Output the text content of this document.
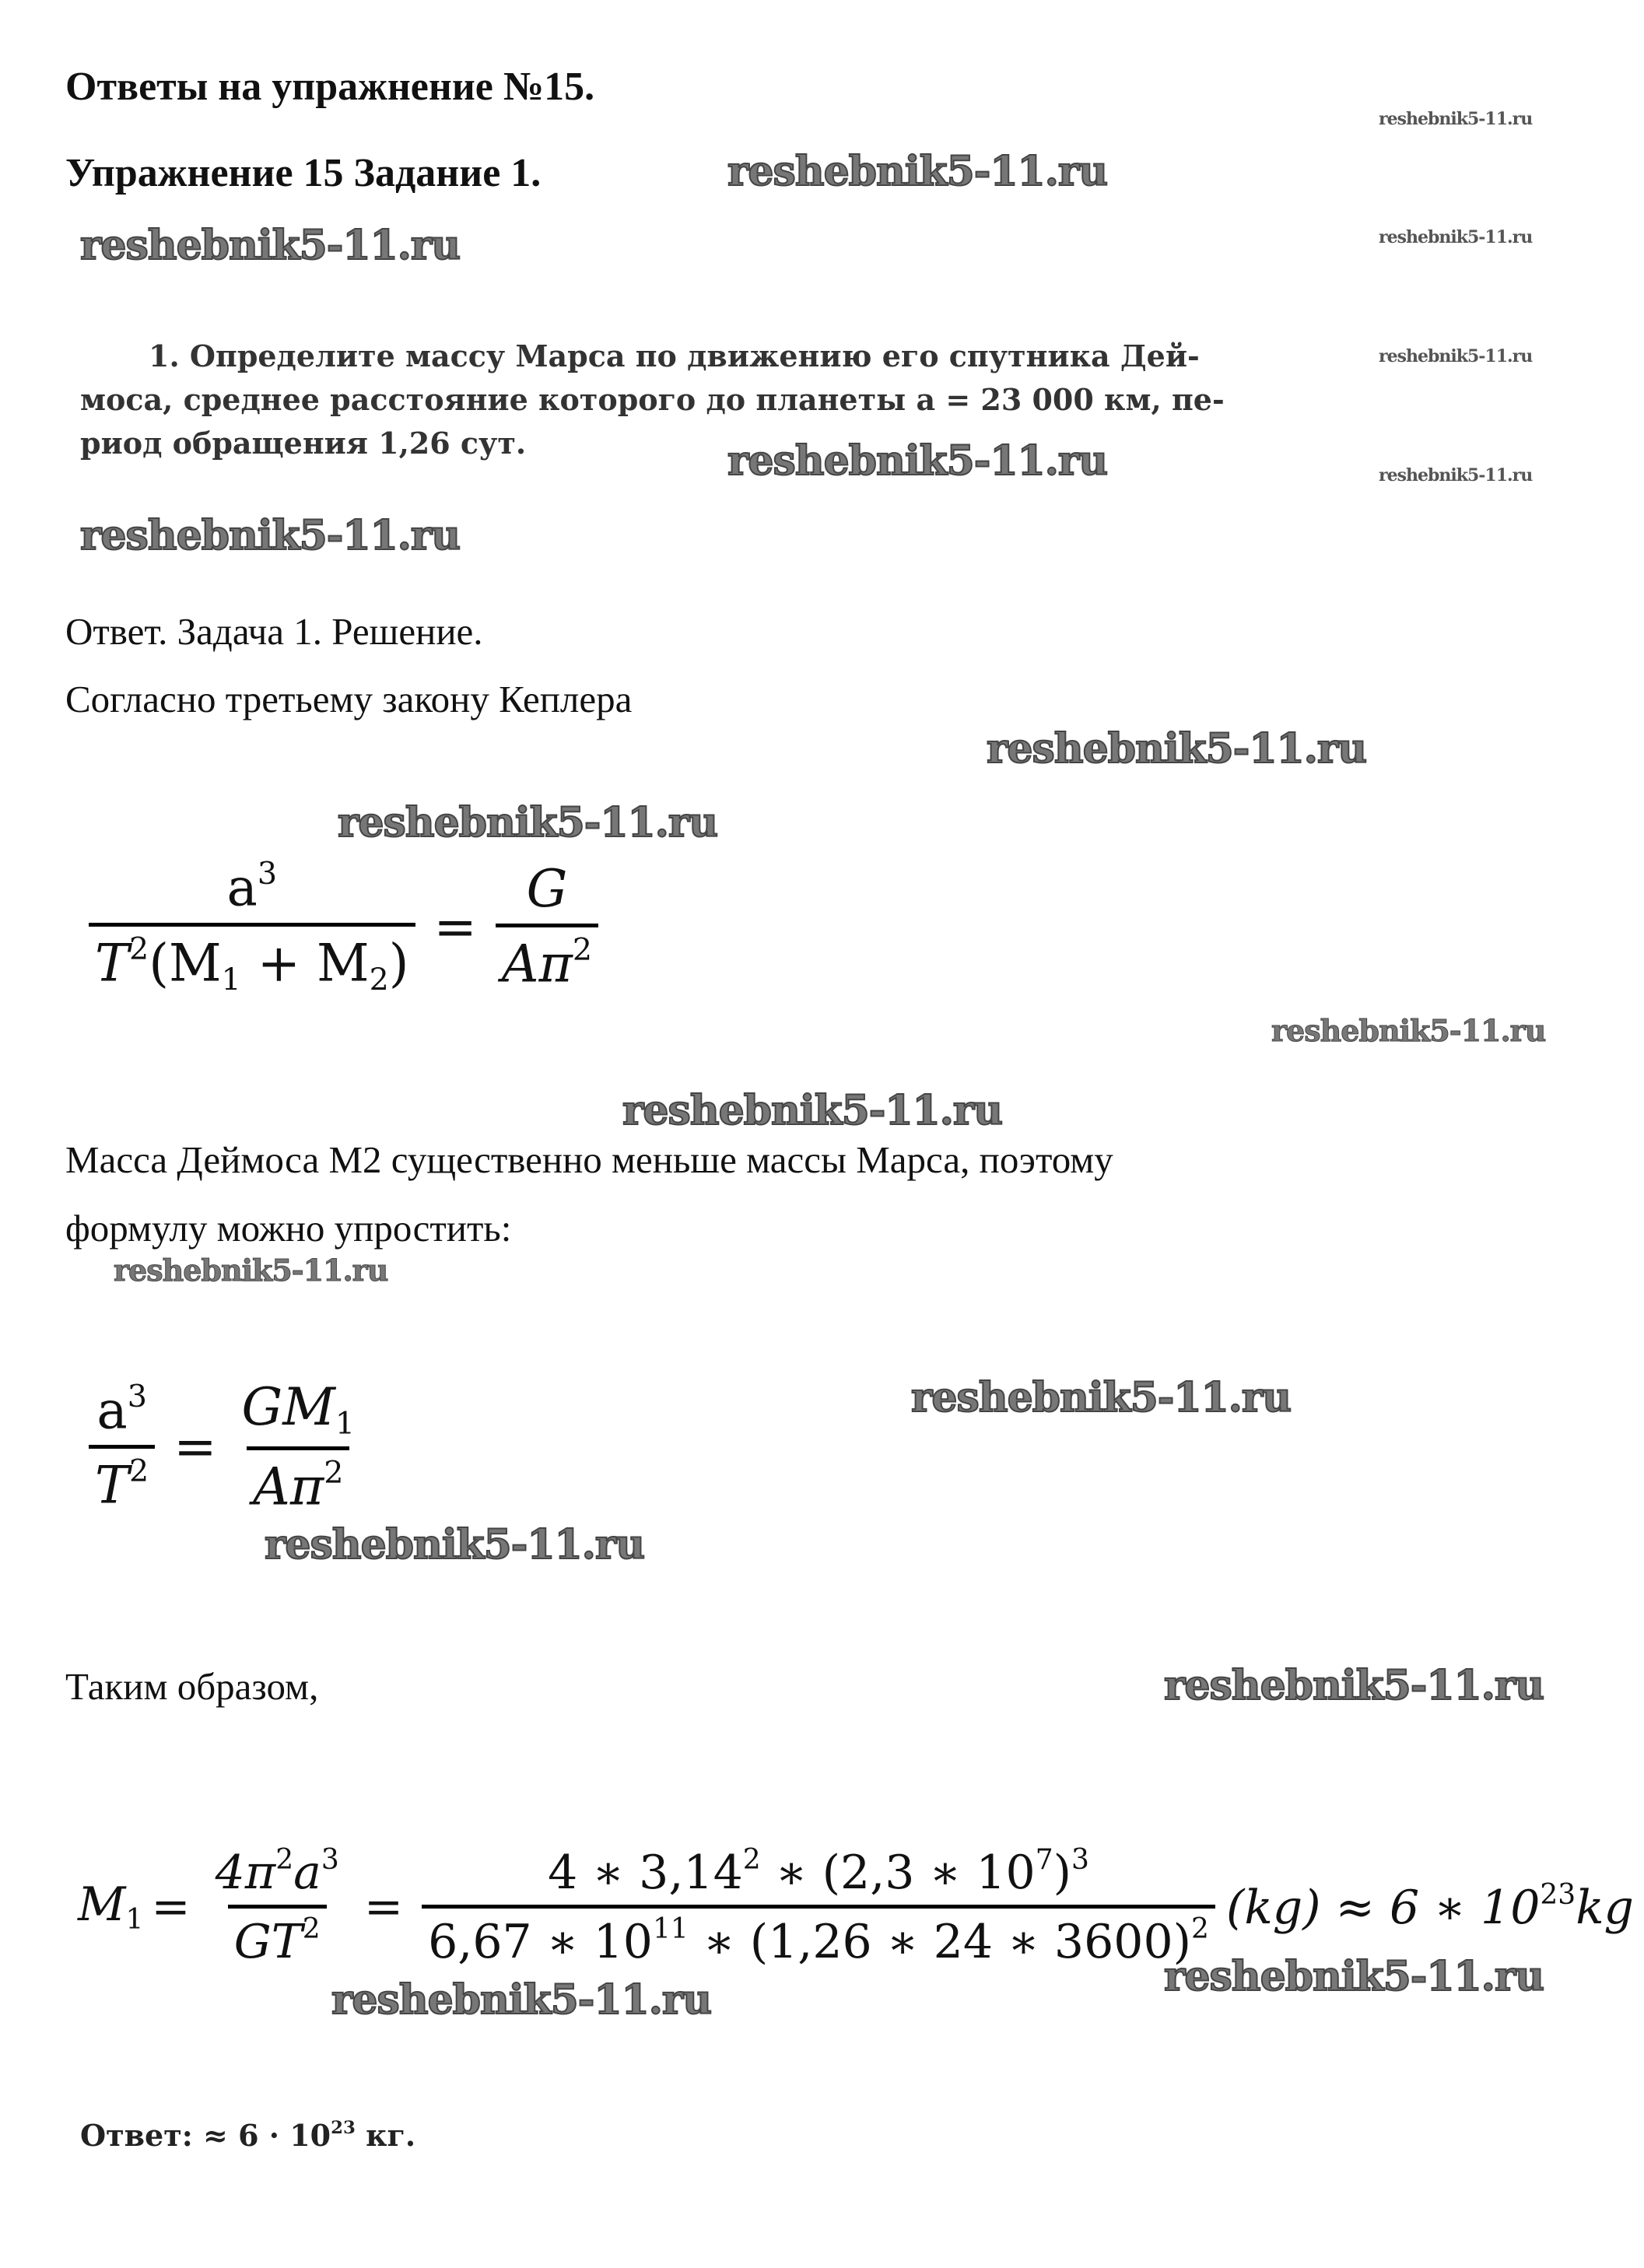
Ответы на упражнение №15.
Упражнение 15 Задание 1.
reshebnik5-11.ru
reshebnik5-11.ru
reshebnik5-11.ru
reshebnik5-11.ru
reshebnik5-11.ru
reshebnik5-11.ru
reshebnik5-11.ru
reshebnik5-11.ru
reshebnik5-11.ru
reshebnik5-11.ru
reshebnik5-11.ru
reshebnik5-11.ru
reshebnik5-11.ru
reshebnik5-11.ru
reshebnik5-11.ru
reshebnik5-11.ru
reshebnik5-11.ru
reshebnik5-11.ru
1. Определите массу Марса по движению его спутника Дей-
моса, среднее расстояние которого до планеты a = 23 000 км, пе-
риод обращения 1,26 сут.
Ответ. Задача 1. Решение.
Согласно третьему закону Кеплера
$\frac{a^3}{T^2(M_1 + M_2)} = \frac{G}{A\pi^2}$
Масса Деймоса М2 существенно меньше массы Марса, поэтому
формулу можно упростить:
$\frac{a^3}{T^2} = \frac{GM_1}{A\pi^2}$
Таким образом,
$M_1 = \frac{4\pi^2a^3}{GT^2} = \frac{4 ∗ 3,14^2 ∗ (2,3 ∗ 10^7)^3}{6,67 ∗ 10^{11} ∗ (1,26 ∗ 24 ∗ 3600)^2} (kg) \approx 6$ ∗ $10^{23}kg$
Ответ: ≈ $6 \cdot 10^{23}$ кг.
